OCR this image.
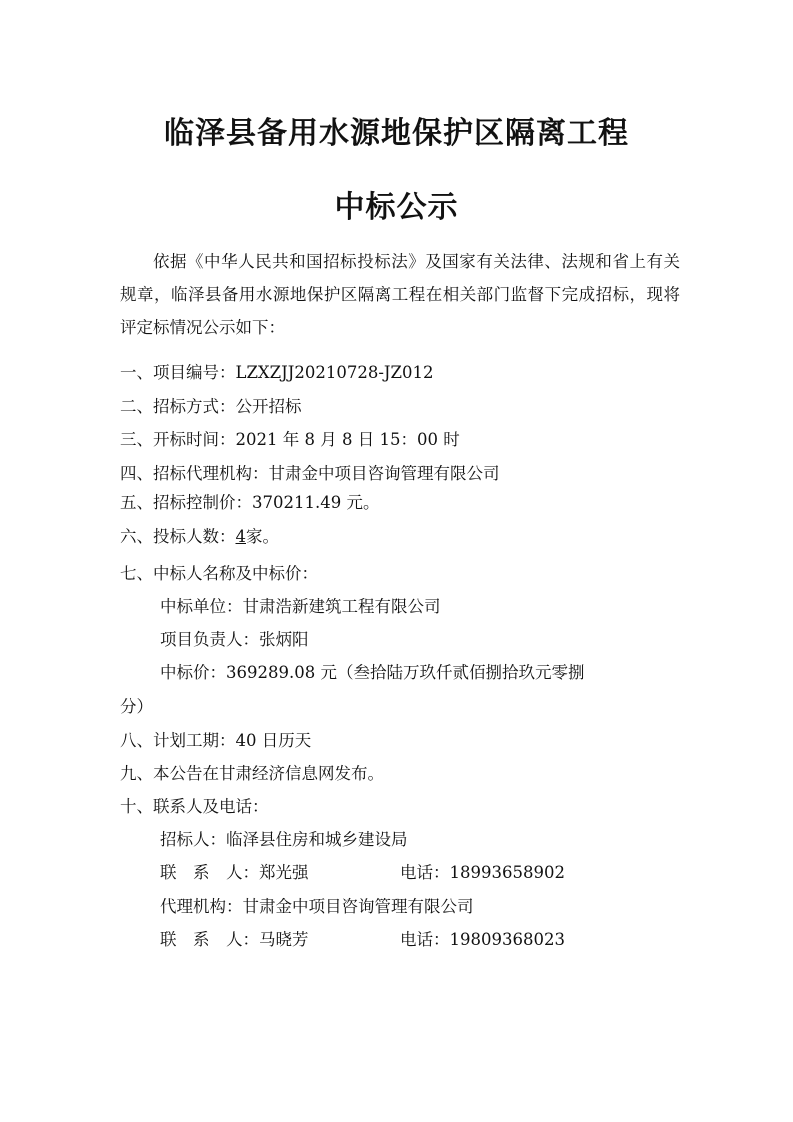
临泽县备用水源地保护区隔离工程
中标公示
依据《中华人民共和国招标投标法》及国家有关法律、法规和省上有关规章，临泽县备用水源地保护区隔离工程在相关部门监督下完成招标，现将评定标情况公示如下：
一、项目编号：LZXZJJ20210728-JZ012
二、招标方式：公开招标
三、开标时间：2021 年 8 月 8 日 15：00 时
四、招标代理机构：甘肃金中项目咨询管理有限公司
五、招标控制价：370211.49 元。
六、投标人数：4家。
七、中标人名称及中标价：
中标单位：甘肃浩新建筑工程有限公司
项目负责人：张炳阳
中标价：369289.08 元（叁拾陆万玖仟贰佰捌拾玖元零捌
分）
八、计划工期：40 日历天
九、本公告在甘肃经济信息网发布。
十、联系人及电话：
招标人：临泽县住房和城乡建设局
联　系　人：郑光强	电话：18993658902
代理机构：甘肃金中项目咨询管理有限公司
联　系　人：马晓芳	电话：19809368023
